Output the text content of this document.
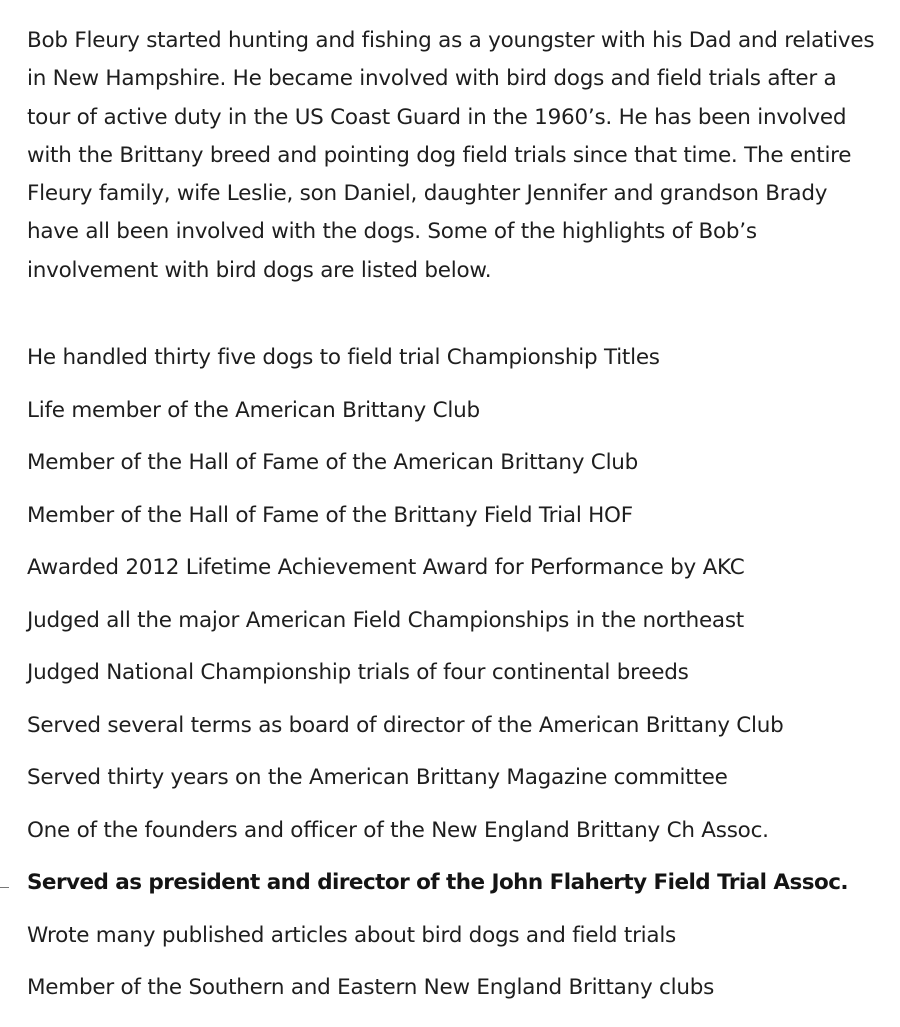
Bob Fleury started hunting and fishing as a youngster with his Dad and relatives in New Hampshire. He became involved with bird dogs and field trials after a tour of active duty in the US Coast Guard in the 1960’s. He has been involved with the Brittany breed and pointing dog field trials since that time. The entire Fleury family, wife Leslie, son Daniel, daughter Jennifer and grandson Brady have all been involved with the dogs. Some of the highlights of Bob’s involvement with bird dogs are listed below.

He handled thirty five dogs to field trial Championship Titles
Life member of the American Brittany Club
Member of the Hall of Fame of the American Brittany Club
Member of the Hall of Fame of the Brittany Field Trial HOF
Awarded 2012 Lifetime Achievement Award for Performance by AKC
Judged all the major American Field Championships in the northeast
Judged National Championship trials of four continental breeds
Served several terms as board of director of the American Brittany Club
Served thirty years on the American Brittany Magazine committee
One of the founders and officer of the New England Brittany Ch Assoc.
Served as president and director of the John Flaherty Field Trial Assoc.
Wrote many published articles about bird dogs and field trials
Member of the Southern and Eastern New England Brittany clubs
